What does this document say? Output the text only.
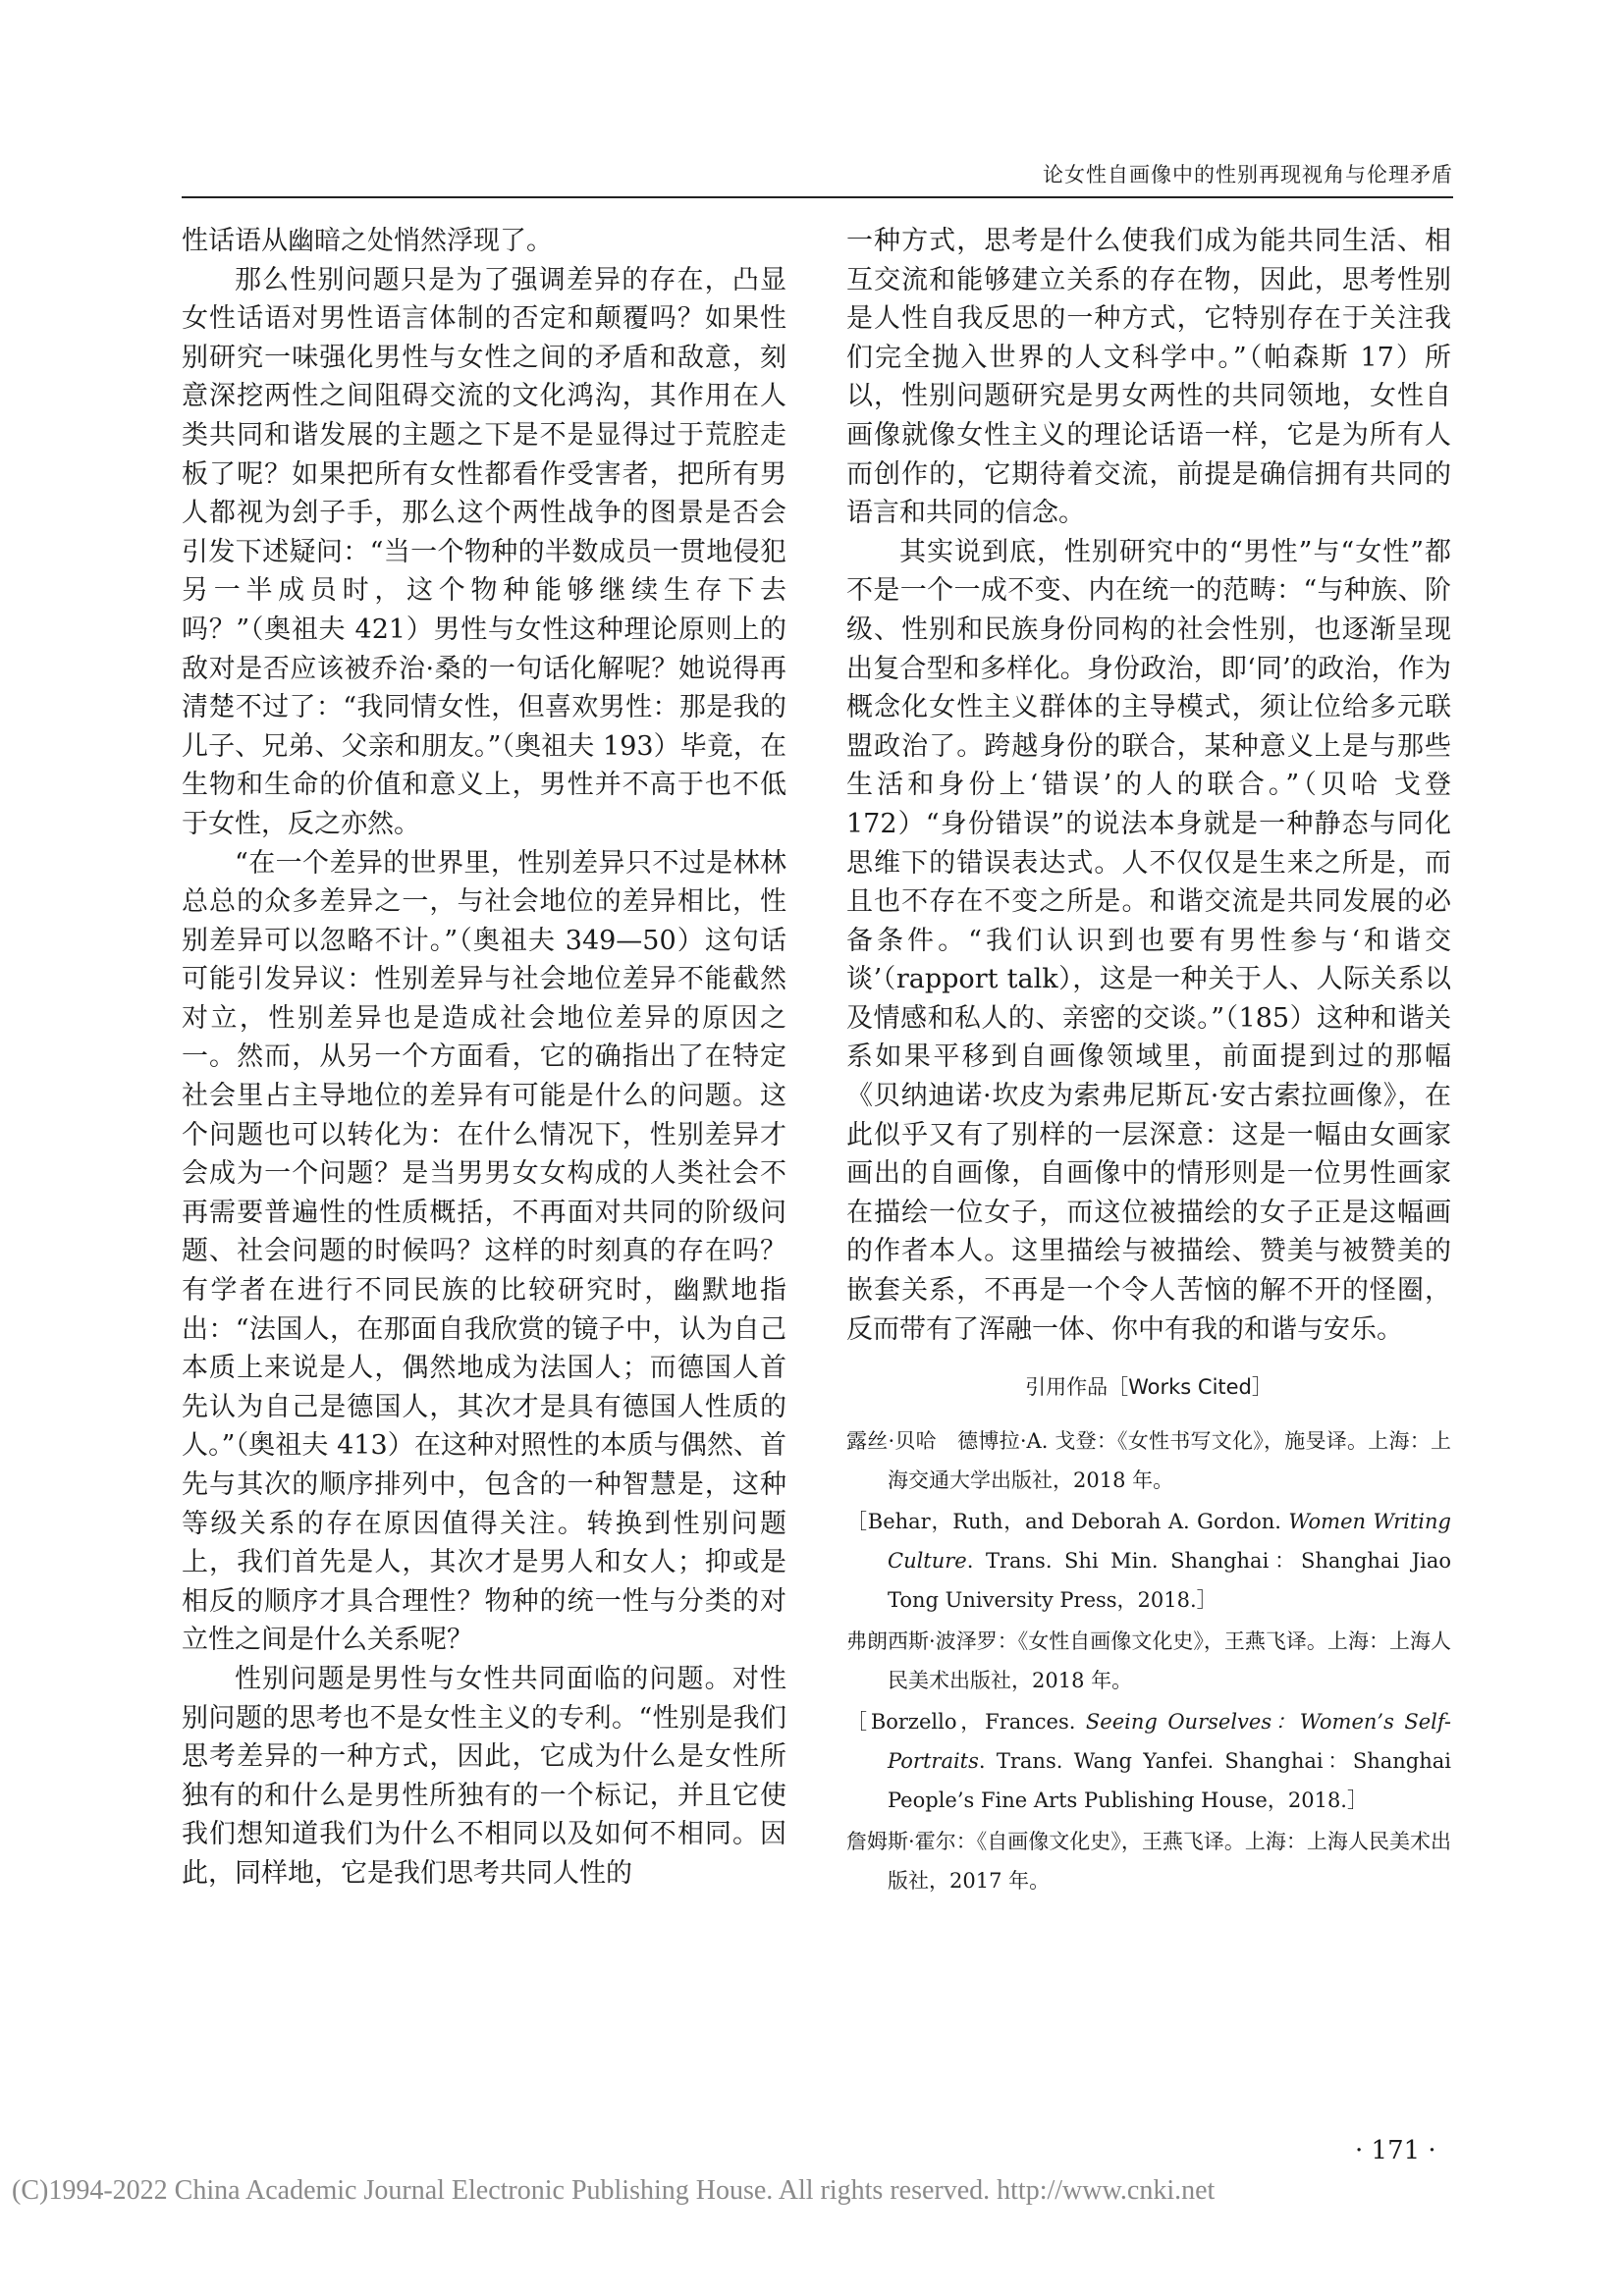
论女性自画像中的性别再现视角与伦理矛盾

性话语从幽暗之处悄然浮现了。

那么性别问题只是为了强调差异的存在，凸显女性话语对男性语言体制的否定和颠覆吗？如果性别研究一味强化男性与女性之间的矛盾和敌意，刻意深挖两性之间阻碍交流的文化鸿沟，其作用在人类共同和谐发展的主题之下是不是显得过于荒腔走板了呢？如果把所有女性都看作受害者，把所有男人都视为刽子手，那么这个两性战争的图景是否会引发下述疑问：“当一个物种的半数成员一贯地侵犯另一半成员时，这个物种能够继续生存下去吗？”（奥祖夫 421）男性与女性这种理论原则上的敌对是否应该被乔治·桑的一句话化解呢？她说得再清楚不过了：“我同情女性，但喜欢男性：那是我的儿子、兄弟、父亲和朋友。”（奥祖夫 193）毕竟，在生物和生命的价值和意义上，男性并不高于也不低于女性，反之亦然。

“在一个差异的世界里，性别差异只不过是林林总总的众多差异之一，与社会地位的差异相比，性别差异可以忽略不计。”（奥祖夫 349—50）这句话可能引发异议：性别差异与社会地位差异不能截然对立，性别差异也是造成社会地位差异的原因之一。然而，从另一个方面看，它的确指出了在特定社会里占主导地位的差异有可能是什么的问题。这个问题也可以转化为：在什么情况下，性别差异才会成为一个问题？是当男男女女构成的人类社会不再需要普遍性的性质概括，不再面对共同的阶级问题、社会问题的时候吗？这样的时刻真的存在吗？有学者在进行不同民族的比较研究时，幽默地指出：“法国人，在那面自我欣赏的镜子中，认为自己本质上来说是人，偶然地成为法国人；而德国人首先认为自己是德国人，其次才是具有德国人性质的人。”（奥祖夫 413）在这种对照性的本质与偶然、首先与其次的顺序排列中，包含的一种智慧是，这种等级关系的存在原因值得关注。转换到性别问题上，我们首先是人，其次才是男人和女人；抑或是相反的顺序才具合理性？物种的统一性与分类的对立性之间是什么关系呢？

性别问题是男性与女性共同面临的问题。对性别问题的思考也不是女性主义的专利。“性别是我们思考差异的一种方式，因此，它成为什么是女性所独有的和什么是男性所独有的一个标记，并且它使我们想知道我们为什么不相同以及如何不相同。因此，同样地，它是我们思考共同人性的

一种方式，思考是什么使我们成为能共同生活、相互交流和能够建立关系的存在物，因此，思考性别是人性自我反思的一种方式，它特别存在于关注我们完全抛入世界的人文科学中。”（帕森斯 17）所以，性别问题研究是男女两性的共同领地，女性自画像就像女性主义的理论话语一样，它是为所有人而创作的，它期待着交流，前提是确信拥有共同的语言和共同的信念。

其实说到底，性别研究中的“男性”与“女性”都不是一个一成不变、内在统一的范畴：“与种族、阶级、性别和民族身份同构的社会性别，也逐渐呈现出复合型和多样化。身份政治，即‘同’的政治，作为概念化女性主义群体的主导模式，须让位给多元联盟政治了。跨越身份的联合，某种意义上是与那些生活和身份上‘错误’的人的联合。”（贝哈 戈登 172）“身份错误”的说法本身就是一种静态与同化思维下的错误表达式。人不仅仅是生来之所是，而且也不存在不变之所是。和谐交流是共同发展的必备条件。“我们认识到也要有男性参与‘和谐交谈’（rapport talk），这是一种关于人、人际关系以及情感和私人的、亲密的交谈。”（185）这种和谐关系如果平移到自画像领域里，前面提到过的那幅《贝纳迪诺·坎皮为索弗尼斯瓦·安古索拉画像》，在此似乎又有了别样的一层深意：这是一幅由女画家画出的自画像，自画像中的情形则是一位男性画家在描绘一位女子，而这位被描绘的女子正是这幅画的作者本人。这里描绘与被描绘、赞美与被赞美的嵌套关系，不再是一个令人苦恼的解不开的怪圈，反而带有了浑融一体、你中有我的和谐与安乐。

引用作品［Works Cited］
露丝·贝哈　德博拉·A. 戈登：《女性书写文化》，施旻译。上海：上海交通大学出版社，2018 年。
［Behar，Ruth，and Deborah A. Gordon. Women Writing Culture. Trans. Shi Min. Shanghai：Shanghai Jiao Tong University Press，2018.］
弗朗西斯·波泽罗：《女性自画像文化史》，王燕飞译。上海：上海人民美术出版社，2018 年。
［Borzello，Frances. Seeing Ourselves：Women’s Self-Portraits. Trans. Wang Yanfei. Shanghai：Shanghai People’s Fine Arts Publishing House，2018.］
詹姆斯·霍尔：《自画像文化史》，王燕飞译。上海：上海人民美术出版社，2017 年。
· 171 ·
(C)1994-2022 China Academic Journal Electronic Publishing House. All rights reserved. http://www.cnki.net
